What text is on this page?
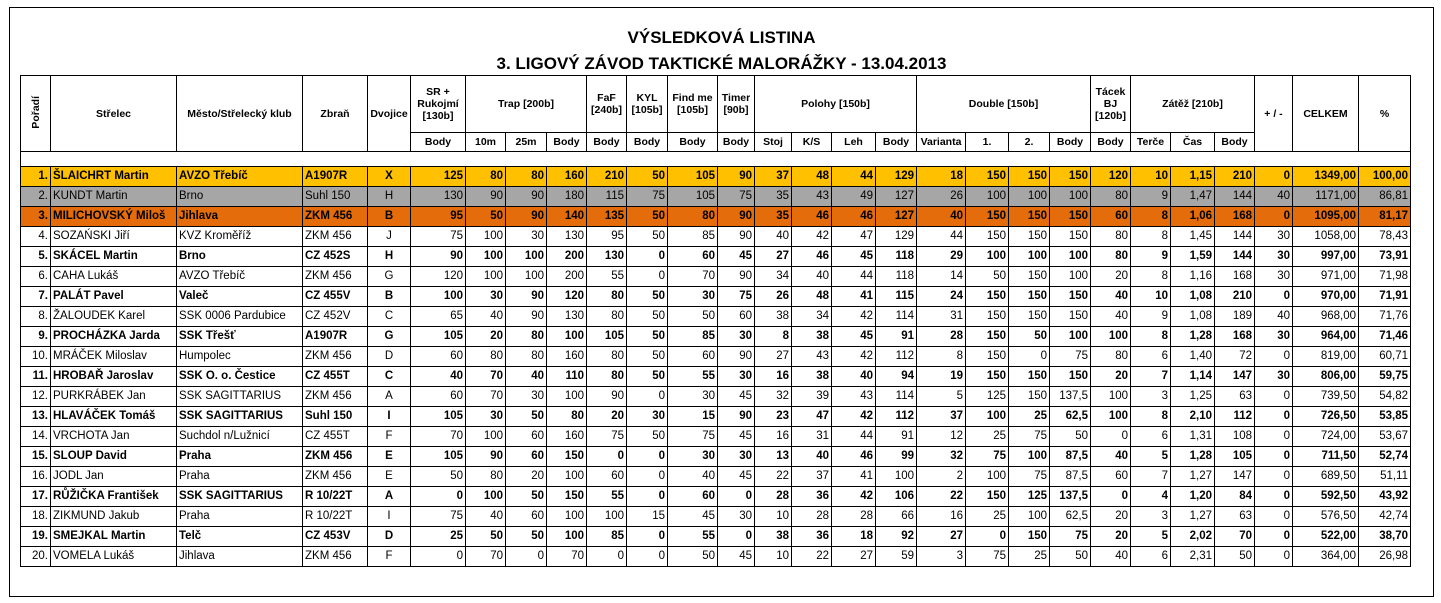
VÝSLEDKOVÁ LISTINA
3. LIGOVÝ ZÁVOD TAKTICKÉ MALORÁŽKY - 13.04.2013
Pořadí	Střelec	Město/Střelecký klub	Zbraň	Dvojice	SR + Rukojmí [130b]	Trap [200b]			FaF [240b]	KYL [105b]	Find me [105b]	Timer [90b]	Polohy [150b]				Double [150b]				Tácek BJ [120b]	Zátěž [210b]			+ / -	CELKEM	%
					Body	10m	25m	Body	Body	Body	Body	Body	Stoj	K/S	Leh	Body	Varianta	1.	2.	Body	Body	Terče	Čas	Body			

1.	ŠLAICHRT Martin	AVZO Třebíč	A1907R	X	125	80	80	160	210	50	105	90	37	48	44	129	18	150	150	150	120	10	1,15	210	0	1349,00	100,00
2.	KUNDT Martin	Brno	Suhl 150	H	130	90	90	180	115	75	105	75	35	43	49	127	26	100	100	100	80	9	1,47	144	40	1171,00	86,81
3.	MILICHOVSKÝ Miloš	Jihlava	ZKM 456	B	95	50	90	140	135	50	80	90	35	46	46	127	40	150	150	150	60	8	1,06	168	0	1095,00	81,17
4.	SOZAŃSKI Jiří	KVZ Kroměříž	ZKM 456	J	75	100	30	130	95	50	85	90	40	42	47	129	44	150	150	150	80	8	1,45	144	30	1058,00	78,43
5.	SKÁCEL Martin	Brno	CZ 452S	H	90	100	100	200	130	0	60	45	27	46	45	118	29	100	100	100	80	9	1,59	144	30	997,00	73,91
6.	CAHA Lukáš	AVZO Třebíč	ZKM 456	G	120	100	100	200	55	0	70	90	34	40	44	118	14	50	150	100	20	8	1,16	168	30	971,00	71,98
7.	PALÁT Pavel	Valeč	CZ 455V	B	100	30	90	120	80	50	30	75	26	48	41	115	24	150	150	150	40	10	1,08	210	0	970,00	71,91
8.	ŽALOUDEK Karel	SSK 0006 Pardubice	CZ 452V	C	65	40	90	130	80	50	50	60	38	34	42	114	31	150	150	150	40	9	1,08	189	40	968,00	71,76
9.	PROCHÁZKA Jarda	SSK Třešť	A1907R	G	105	20	80	100	105	50	85	30	8	38	45	91	28	150	50	100	100	8	1,28	168	30	964,00	71,46
10.	MRÁČEK Miloslav	Humpolec	ZKM 456	D	60	80	80	160	80	50	60	90	27	43	42	112	8	150	0	75	80	6	1,40	72	0	819,00	60,71
11.	HROBAŘ Jaroslav	SSK O. o. Čestice	CZ 455T	C	40	70	40	110	80	50	55	30	16	38	40	94	19	150	150	150	20	7	1,14	147	30	806,00	59,75
12.	PURKRÁBEK Jan	SSK SAGITTARIUS	ZKM 456	A	60	70	30	100	90	0	30	45	32	39	43	114	5	125	150	137,5	100	3	1,25	63	0	739,50	54,82
13.	HLAVÁČEK Tomáš	SSK SAGITTARIUS	Suhl 150	I	105	30	50	80	20	30	15	90	23	47	42	112	37	100	25	62,5	100	8	2,10	112	0	726,50	53,85
14.	VRCHOTA Jan	Suchdol n/Lužnicí	CZ 455T	F	70	100	60	160	75	50	75	45	16	31	44	91	12	25	75	50	0	6	1,31	108	0	724,00	53,67
15.	SLOUP David	Praha	ZKM 456	E	105	90	60	150	0	0	30	30	13	40	46	99	32	75	100	87,5	40	5	1,28	105	0	711,50	52,74
16.	JODL Jan	Praha	ZKM 456	E	50	80	20	100	60	0	40	45	22	37	41	100	2	100	75	87,5	60	7	1,27	147	0	689,50	51,11
17.	RŮŽIČKA František	SSK SAGITTARIUS	R 10/22T	A	0	100	50	150	55	0	60	0	28	36	42	106	22	150	125	137,5	0	4	1,20	84	0	592,50	43,92
18.	ZIKMUND Jakub	Praha	R 10/22T	I	75	40	60	100	100	15	45	30	10	28	28	66	16	25	100	62,5	20	3	1,27	63	0	576,50	42,74
19.	SMEJKAL Martin	Telč	CZ 453V	D	25	50	50	100	85	0	55	0	38	36	18	92	27	0	150	75	20	5	2,02	70	0	522,00	38,70
20.	VOMELA Lukáš	Jihlava	ZKM 456	F	0	70	0	70	0	0	50	45	10	22	27	59	3	75	25	50	40	6	2,31	50	0	364,00	26,98
